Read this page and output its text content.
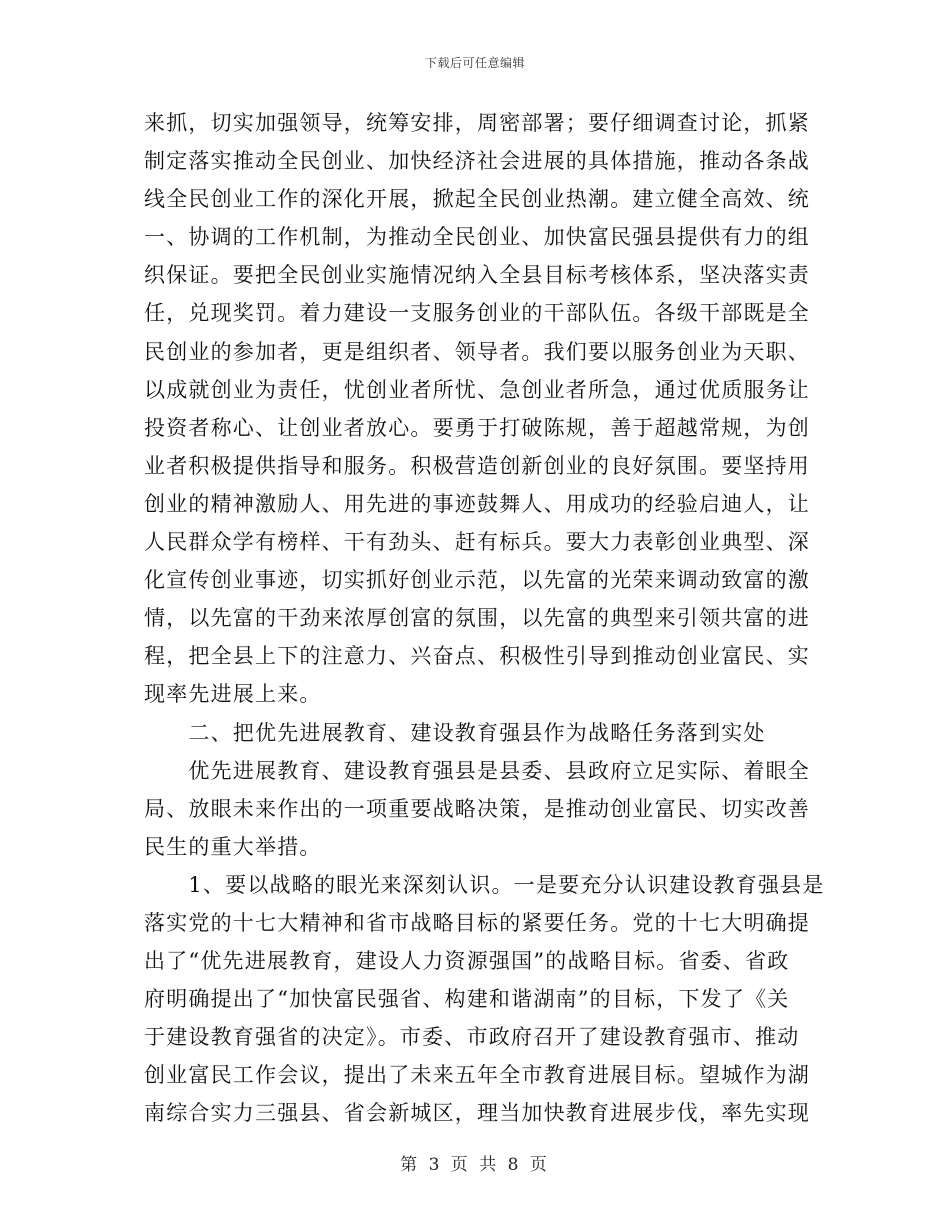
下载后可任意编辑
来抓，切实加强领导，统筹安排，周密部署；要仔细调查讨论，抓紧
制定落实推动全民创业、加快经济社会进展的具体措施，推动各条战
线全民创业工作的深化开展，掀起全民创业热潮。建立健全高效、统
一、协调的工作机制，为推动全民创业、加快富民强县提供有力的组
织保证。要把全民创业实施情况纳入全县目标考核体系，坚决落实责
任，兑现奖罚。着力建设一支服务创业的干部队伍。各级干部既是全
民创业的参加者，更是组织者、领导者。我们要以服务创业为天职、
以成就创业为责任，忧创业者所忧、急创业者所急，通过优质服务让
投资者称心、让创业者放心。要勇于打破陈规，善于超越常规，为创
业者积极提供指导和服务。积极营造创新创业的良好氛围。要坚持用
创业的精神激励人、用先进的事迹鼓舞人、用成功的经验启迪人，让
人民群众学有榜样、干有劲头、赶有标兵。要大力表彰创业典型、深
化宣传创业事迹，切实抓好创业示范，以先富的光荣来调动致富的激
情，以先富的干劲来浓厚创富的氛围，以先富的典型来引领共富的进
程，把全县上下的注意力、兴奋点、积极性引导到推动创业富民、实
现率先进展上来。
　　二、把优先进展教育、建设教育强县作为战略任务落到实处
　　优先进展教育、建设教育强县是县委、县政府立足实际、着眼全
局、放眼未来作出的一项重要战略决策，是推动创业富民、切实改善
民生的重大举措。
　　1、要以战略的眼光来深刻认识。一是要充分认识建设教育强县是
落实党的十七大精神和省市战略目标的紧要任务。党的十七大明确提
出了“优先进展教育，建设人力资源强国”的战略目标。省委、省政
府明确提出了“加快富民强省、构建和谐湖南”的目标，下发了《关
于建设教育强省的决定》。市委、市政府召开了建设教育强市、推动
创业富民工作会议，提出了未来五年全市教育进展目标。望城作为湖
南综合实力三强县、省会新城区，理当加快教育进展步伐，率先实现
第 3 页 共 8 页
